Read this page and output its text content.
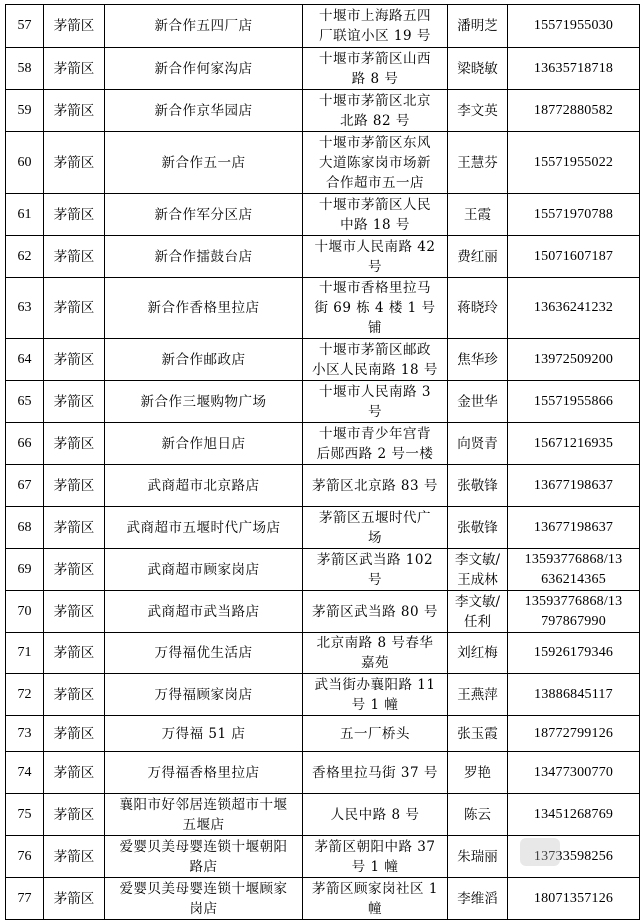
57	茅箭区	新合作五四厂店	十堰市上海路五四
厂联谊小区 19 号	潘明芝	15571955030
58	茅箭区	新合作何家沟店	十堰市茅箭区山西
路 8 号	梁晓敏	13635718718
59	茅箭区	新合作京华园店	十堰市茅箭区北京
北路 82 号	李文英	18772880582
60	茅箭区	新合作五一店	十堰市茅箭区东风
大道陈家岗市场新
合作超市五一店	王慧芬	15571955022
61	茅箭区	新合作军分区店	十堰市茅箭区人民
中路 18 号	王霞	15571970788
62	茅箭区	新合作擂鼓台店	十堰市人民南路 42
号	费红丽	15071607187
63	茅箭区	新合作香格里拉店	十堰市香格里拉马
街 69 栋 4 楼 1 号铺	蒋晓玲	13636241232
64	茅箭区	新合作邮政店	十堰市茅箭区邮政
小区人民南路 18 号	焦华珍	13972509200
65	茅箭区	新合作三堰购物广场	十堰市人民南路 3
号	金世华	15571955866
66	茅箭区	新合作旭日店	十堰市青少年宫背
后郧西路 2 号一楼	向贤青	15671216935
67	茅箭区	武商超市北京路店	茅箭区北京路 83 号	张敬锋	13677198637
68	茅箭区	武商超市五堰时代广场店	茅箭区五堰时代广
场	张敬锋	13677198637
69	茅箭区	武商超市顾家岗店	茅箭区武当路 102
号	李文敏/
王成林	13593776868/13
636214365
70	茅箭区	武商超市武当路店	茅箭区武当路 80 号	李文敏/
任利	13593776868/13
797867990
71	茅箭区	万得福优生活店	北京南路 8 号春华
嘉苑	刘红梅	15926179346
72	茅箭区	万得福顾家岗店	武当街办襄阳路 11
号 1 幢	王燕萍	13886845117
73	茅箭区	万得福 51 店	五一厂桥头	张玉霞	18772799126
74	茅箭区	万得福香格里拉店	香格里拉马街 37 号	罗艳	13477300770
75	茅箭区	襄阳市好邻居连锁超市十堰
五堰店	人民中路 8 号	陈云	13451268769
76	茅箭区	爱婴贝美母婴连锁十堰朝阳
路店	茅箭区朝阳中路 37
号 1 幢	朱瑞丽	13733598256
77	茅箭区	爱婴贝美母婴连锁十堰顾家
岗店	茅箭区顾家岗社区 1
幢	李维滔	18071357126
